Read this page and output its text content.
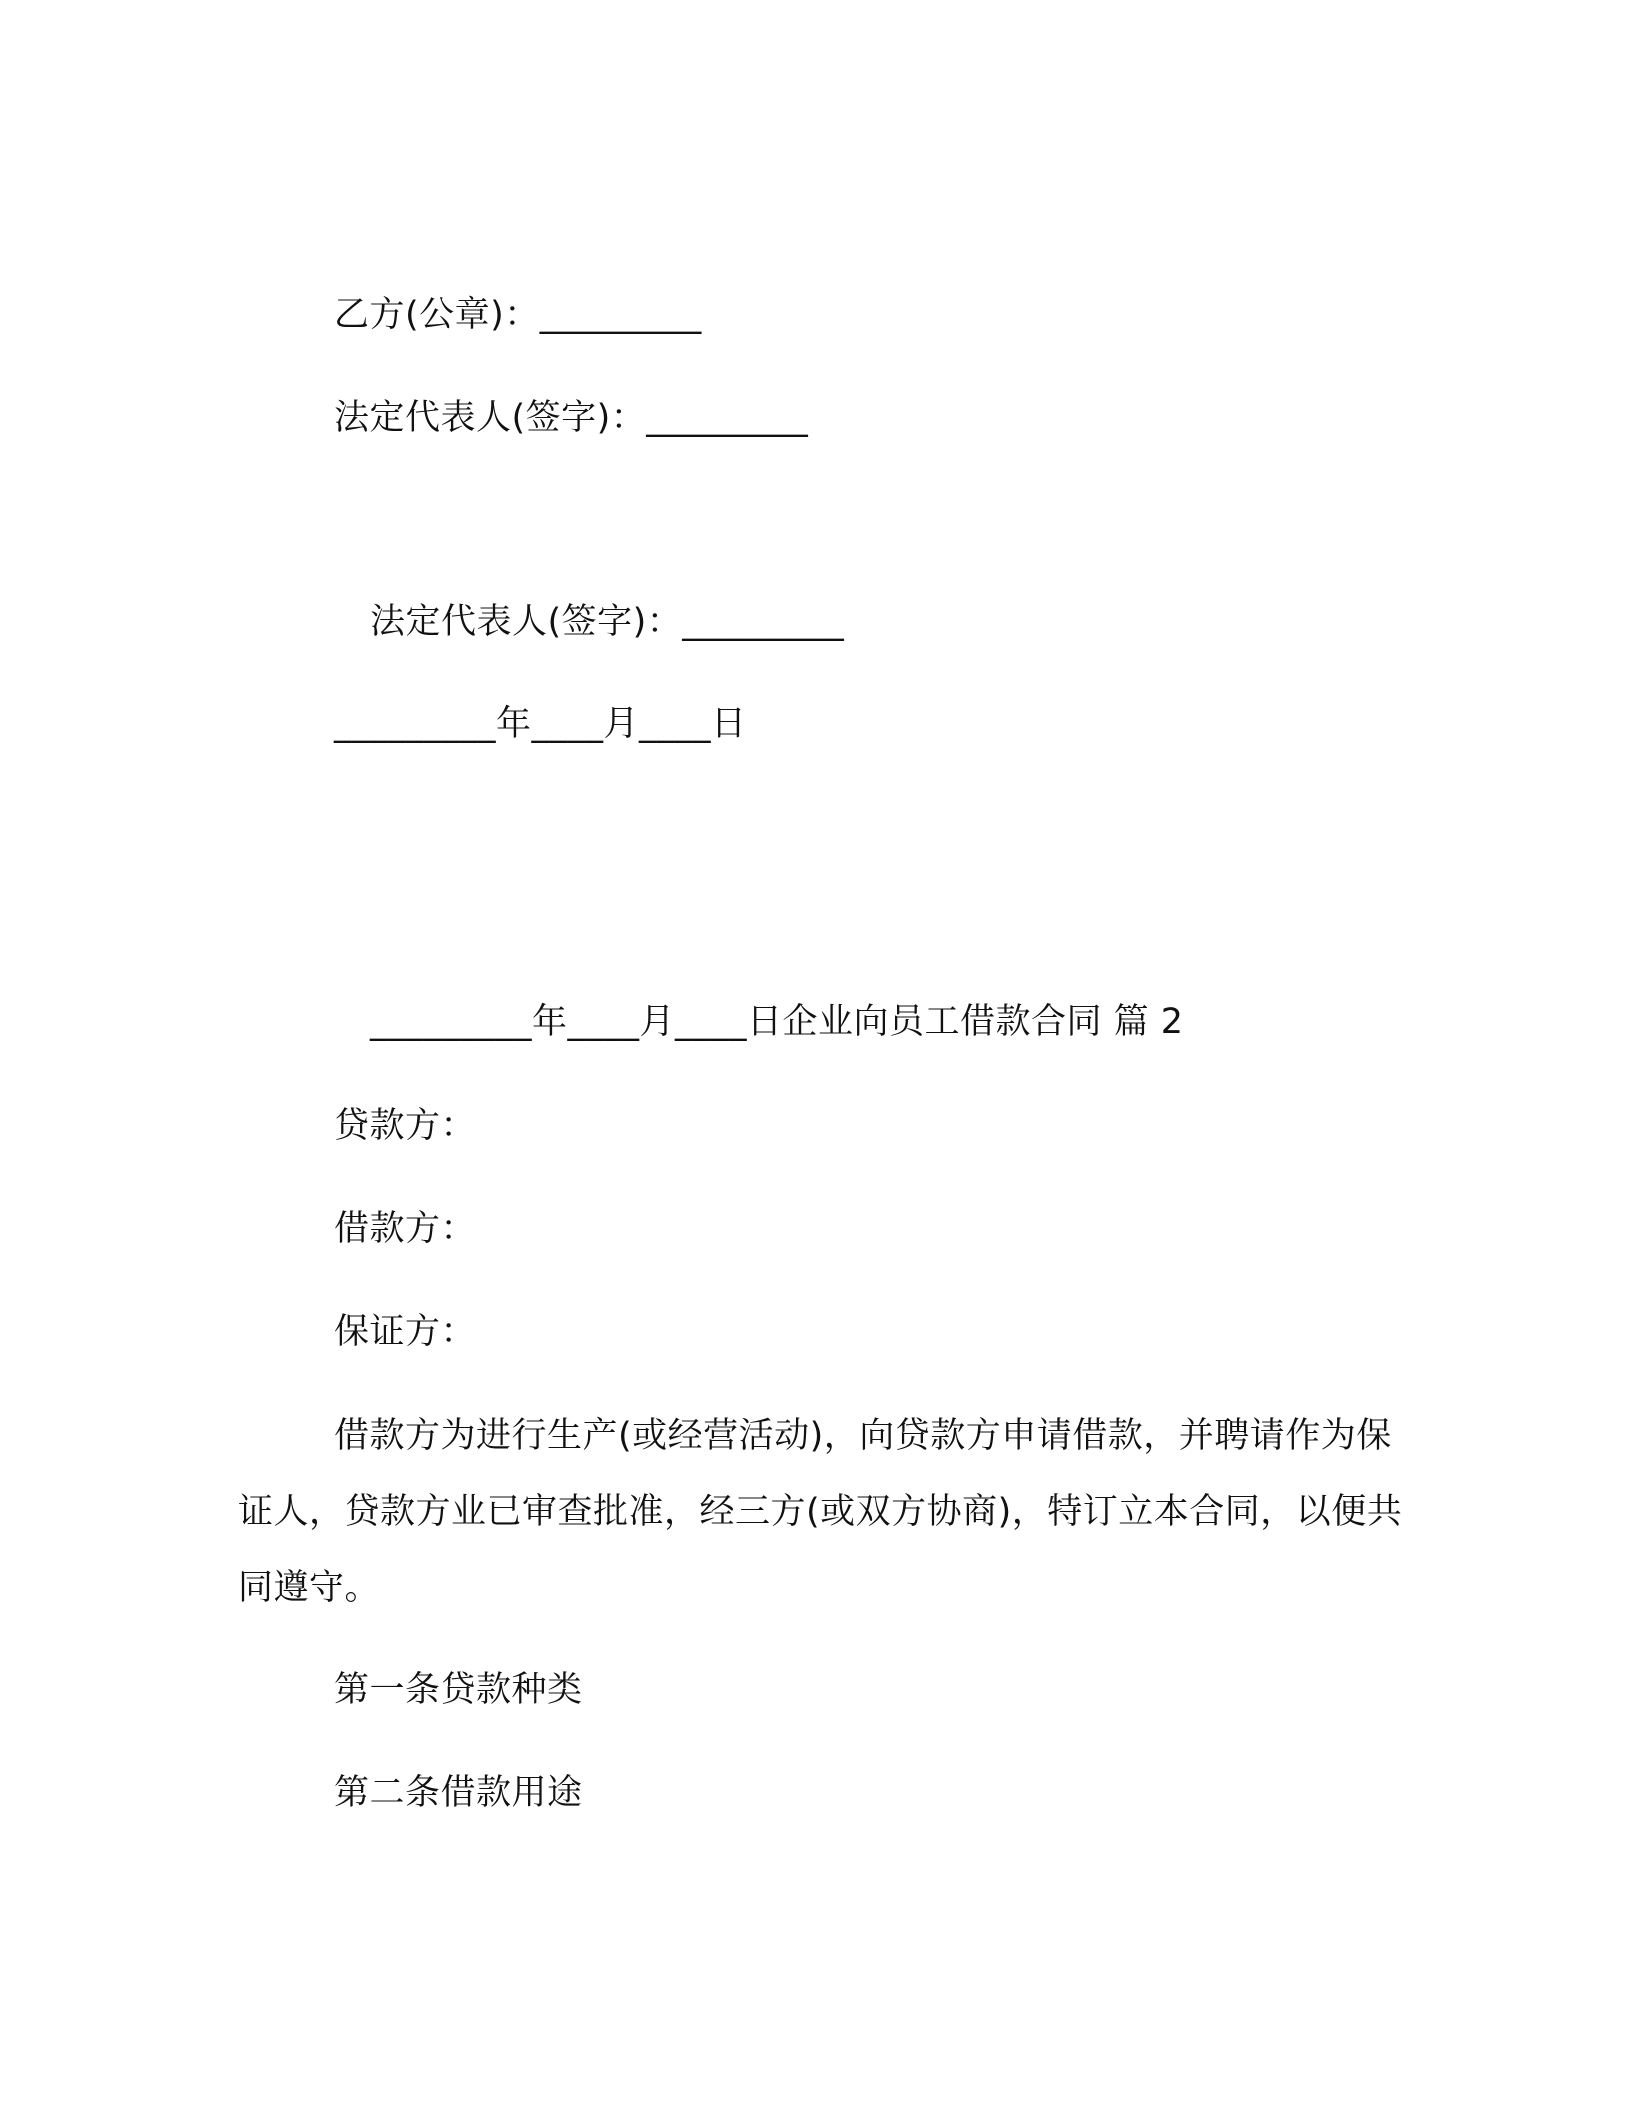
乙方(公章)：_________
法定代表人(签字)：_________
法定代表人(签字)：_________
_________年____月____日
_________年____月____日企业向员工借款合同 篇 2
贷款方：
借款方：
保证方：
借款方为进行生产(或经营活动)，向贷款方申请借款，并聘请作为保证人，贷款方业已审查批准，经三方(或双方协商)，特订立本合同，以便共同遵守。
第一条贷款种类
第二条借款用途
